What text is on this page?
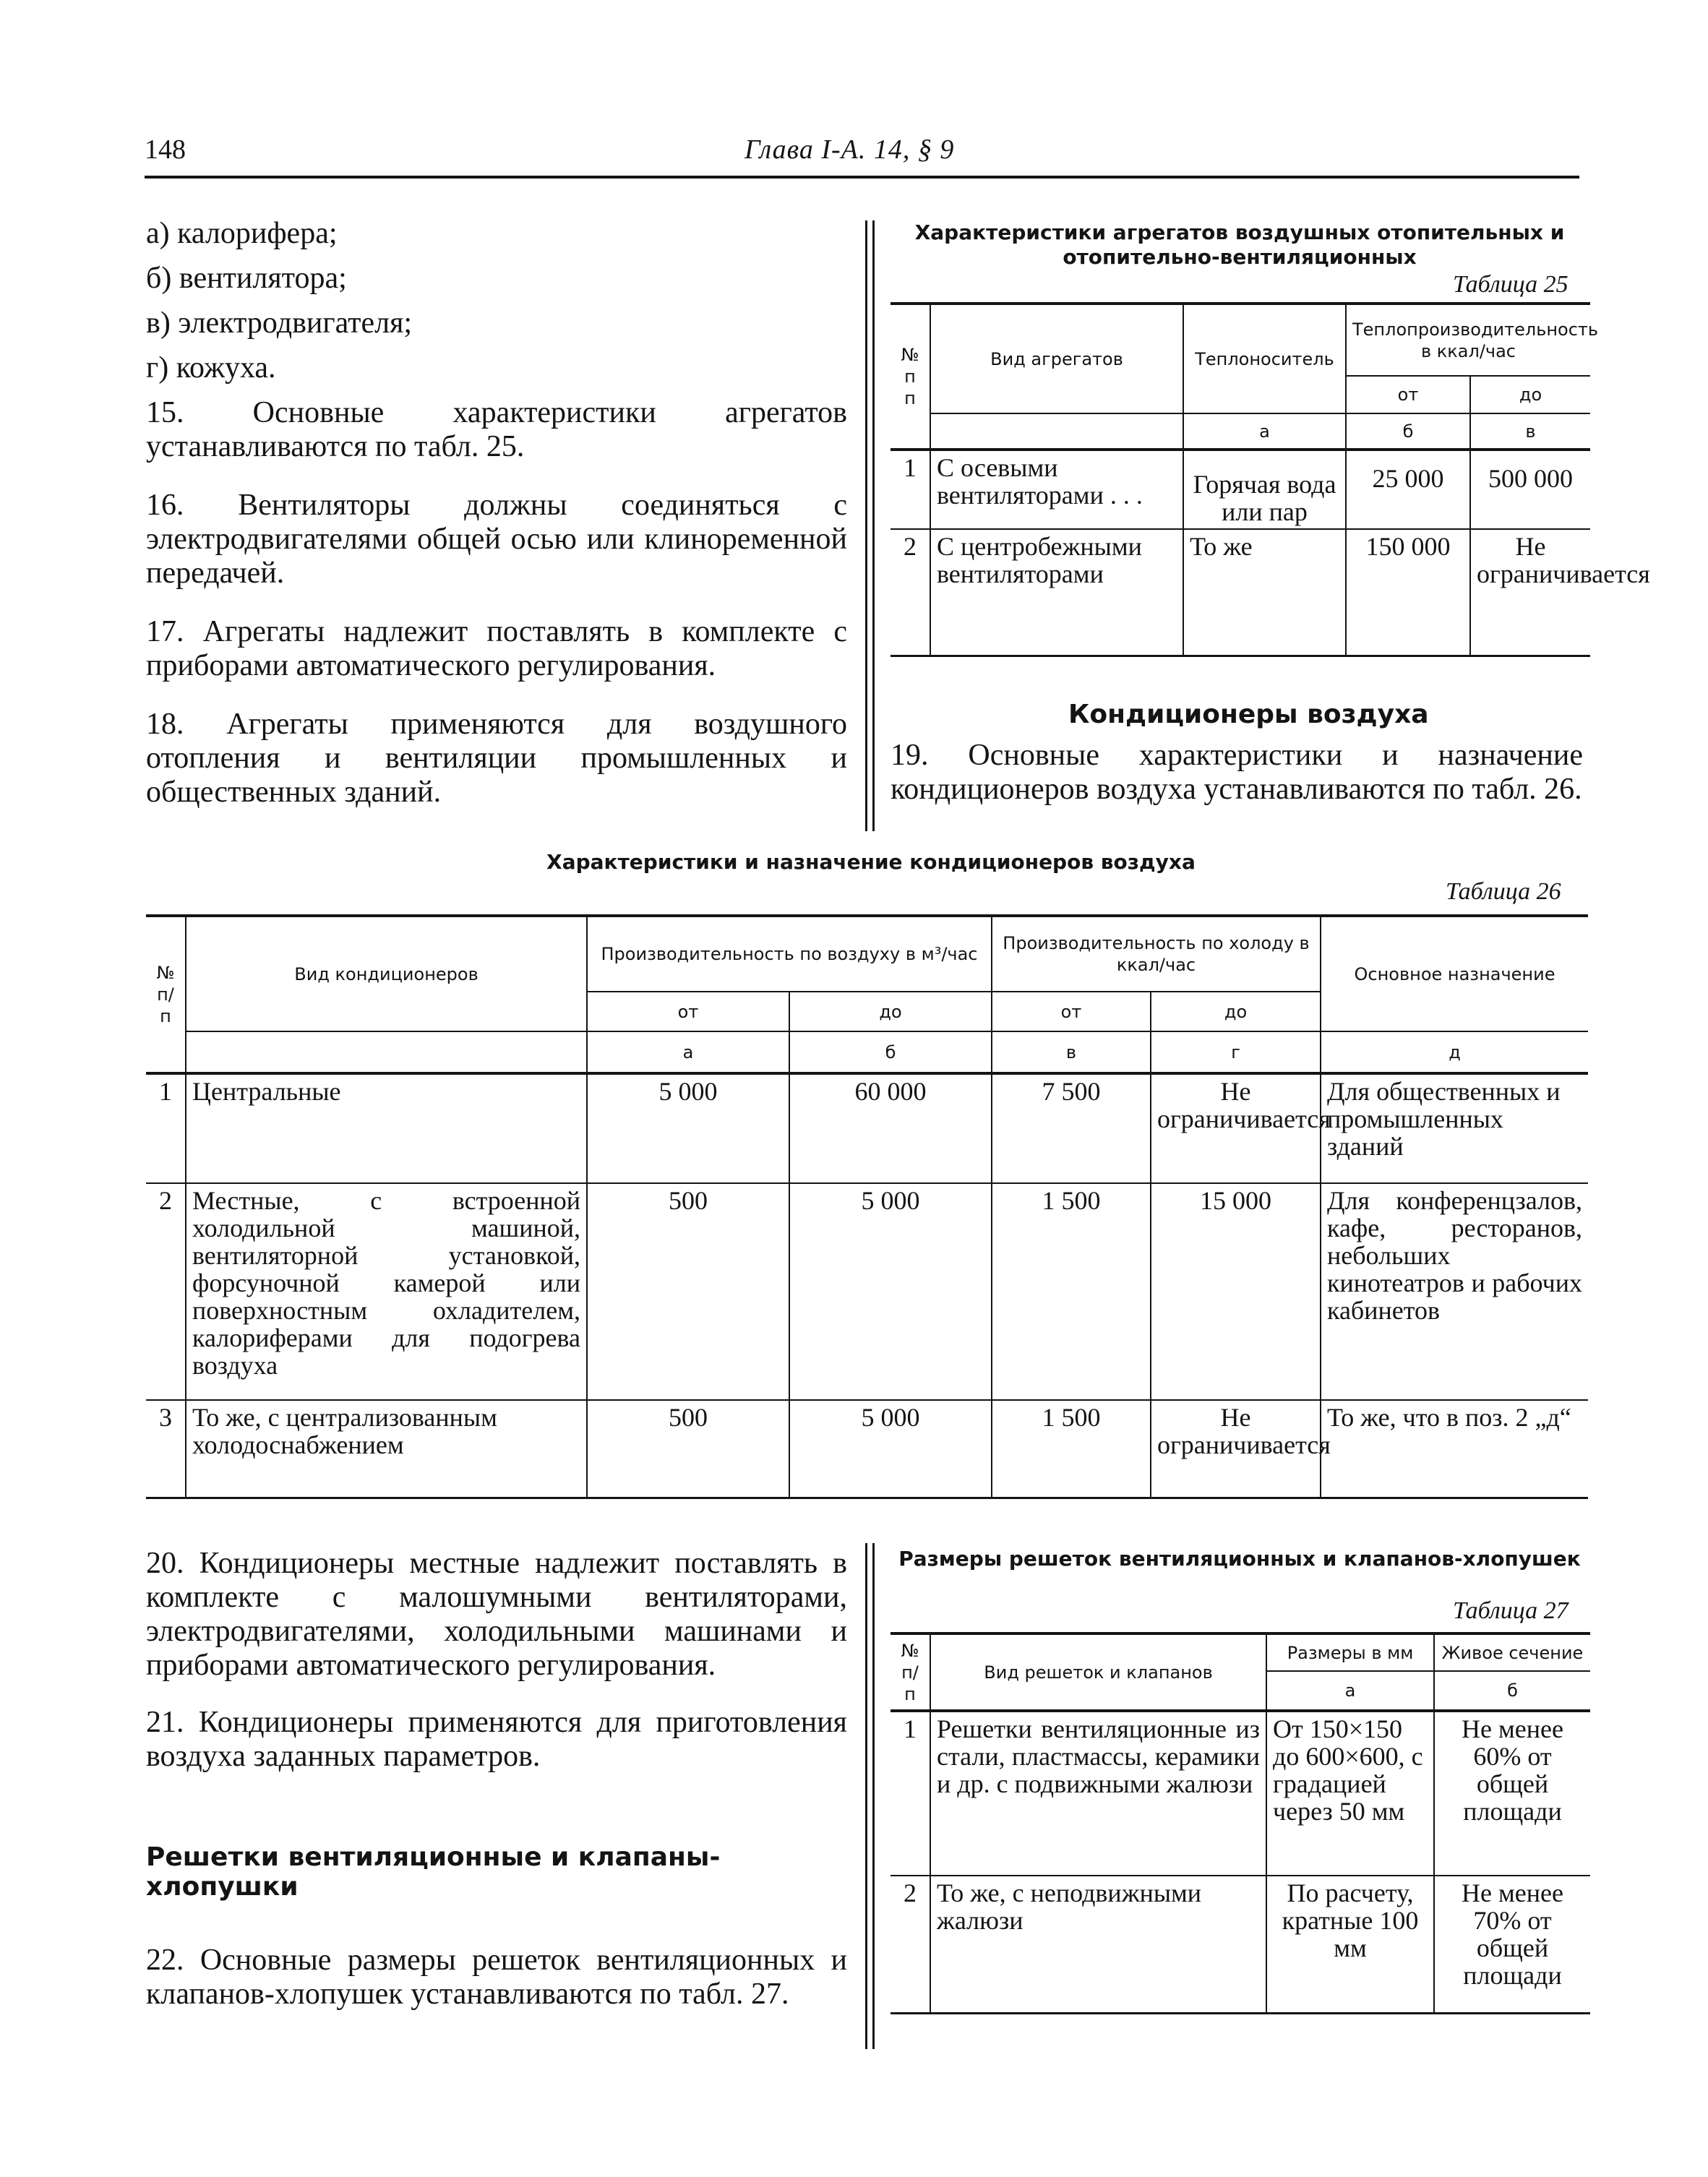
148	Глава I-А. 14, § 9

а) калорифера;

б) вентилятора;

в) электродвигателя;

г) кожуха.

15. Основные характеристики агрегатов устанавливаются по табл. 25.

16. Вентиляторы должны соединяться с электродвигателями общей осью или клиноременной передачей.

17. Агрегаты надлежит поставлять в комплекте с приборами автоматического регулирования.

18. Агрегаты применяются для воздушного отопления и вентиляции промышленных и общественных зданий.

Характеристики агрегатов воздушных отопительных и отопительно-вентиляционных
Таблица 25
№ п п	Вид агрегатов	Теплоноситель	Теплопроизводительность в ккал/час	
			от	до
		а	б	в
1	С осевыми вентиляторами . . .	Горячая вода или пар	25 000	500 000
2	С центробежными вентиляторами	То же	150 000	Не ограничивается
Кондиционеры воздуха

19. Основные характеристики и назначение кондиционеров воздуха устанавливаются по табл. 26.

Характеристики и назначение кондиционеров воздуха
Таблица 26
№ п/п	Вид кондиционеров	Производительность по воздуху в м³/час		Производительность по холоду в ккал/час		Основное назначение
		от	до	от	до	
		а	б	в	г	д
1	Центральные	5 000	60 000	7 500	Не ограничивается	Для общественных и промышленных зданий
2	Местные, с встроенной холодильной машиной, вентиляторной установкой, форсуночной камерой или поверхностным охладителем, калориферами для подогрева воздуха	500	5 000	1 500	15 000	Для конференцзалов, кафе, ресторанов, небольших кинотеатров и рабочих кабинетов
3	То же, с централизованным холодоснабжением	500	5 000	1 500	Не ограничивается	То же, что в поз. 2 „д“

20. Кондиционеры местные надлежит поставлять в комплекте с малошумными вентиляторами, электродвигателями, холодильными машинами и приборами автоматического регулирования.

21. Кондиционеры применяются для приготовления воздуха заданных параметров.

Решетки вентиляционные и клапаны-хлопушки

22. Основные размеры решеток вентиляционных и клапанов-хлопушек устанавливаются по табл. 27.

Размеры решеток вентиляционных и клапанов-хлопушек
Таблица 27
№ п/п	Вид решеток и клапанов	Размеры в мм	Живое сечение
		а	б
1	Решетки вентиляционные из стали, пластмассы, керамики и др. с подвижными жалюзи	От 150×150 до 600×600, с градацией через 50 мм	Не менее 60% от общей площади
2	То же, с неподвижными жалюзи	По расчету, кратные 100 мм	Не менее 70% от общей площади
